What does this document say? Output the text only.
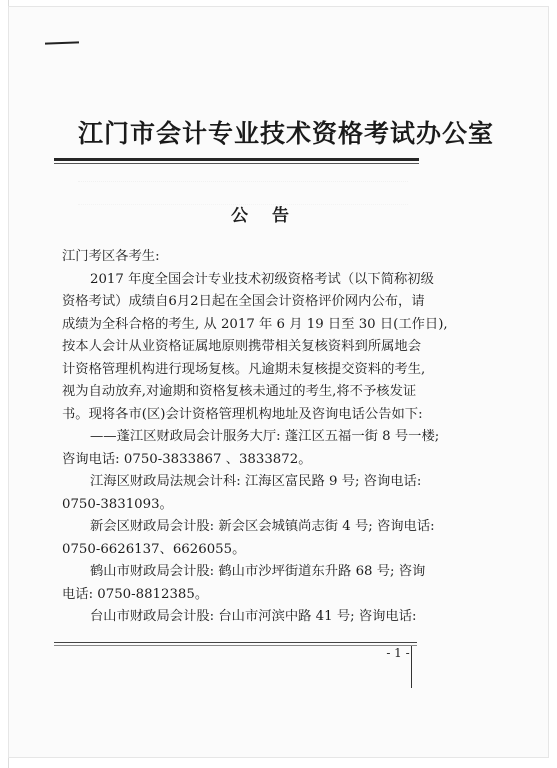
江门市会计专业技术资格考试办公室
公告

江门考区各考生:

2017 年度全国会计专业技术初级资格考试（以下简称初级

资格考试）成绩自6月2日起在全国会计资格评价网内公布，请

成绩为全科合格的考生, 从 2017 年 6 月 19 日至 30 日(工作日),

按本人会计从业资格证属地原则携带相关复核资料到所属地会

计资格管理机构进行现场复核。凡逾期未复核提交资料的考生,

视为自动放弃,对逾期和资格复核未通过的考生,将不予核发证

书。现将各市(区)会计资格管理机构地址及咨询电话公告如下:

——蓬江区财政局会计服务大厅: 蓬江区五福一街 8 号一楼;

咨询电话: 0750-3833867 、3833872。

江海区财政局法规会计科: 江海区富民路 9 号; 咨询电话:

0750-3831093。

新会区财政局会计股: 新会区会城镇尚志街 4 号; 咨询电话:

0750-6626137、6626055。

鹤山市财政局会计股: 鹤山市沙坪街道东升路 68 号; 咨询

电话: 0750-8812385。

台山市财政局会计股: 台山市河滨中路 41 号; 咨询电话:

- 1 -
